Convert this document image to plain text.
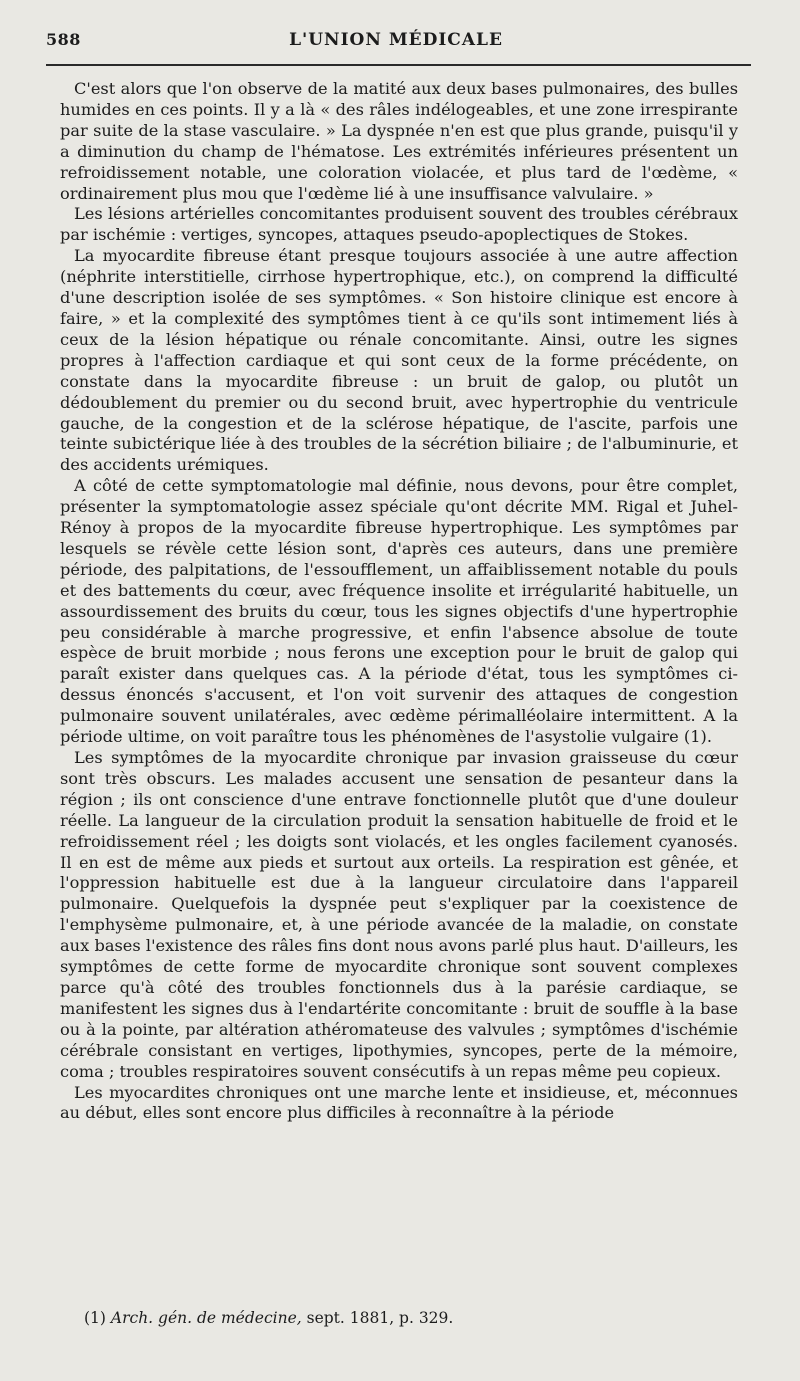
588	L'UNION MÉDICALE

C'est alors que l'on observe de la matité aux deux bases pulmonaires, des bulles humides en ces points. Il y a là « des râles indélogeables, et une zone irrespirante par suite de la stase vasculaire. » La dyspnée n'en est que plus grande, puisqu'il y a diminution du champ de l'hématose. Les extrémités inférieures présentent un refroidissement notable, une coloration violacée, et plus tard de l'œdème, « ordinairement plus mou que l'œdème lié à une insuffisance valvulaire. »

Les lésions artérielles concomitantes produisent souvent des troubles cérébraux par ischémie : vertiges, syncopes, attaques pseudo-apoplectiques de Stokes.

La myocardite fibreuse étant presque toujours associée à une autre affection (néphrite interstitielle, cirrhose hypertrophique, etc.), on comprend la difficulté d'une description isolée de ses symptômes. « Son histoire clinique est encore à faire, » et la complexité des symptômes tient à ce qu'ils sont intimement liés à ceux de la lésion hépatique ou rénale concomitante. Ainsi, outre les signes propres à l'affection cardiaque et qui sont ceux de la forme précédente, on constate dans la myocardite fibreuse : un bruit de galop, ou plutôt un dédoublement du premier ou du second bruit, avec hypertrophie du ventricule gauche, de la congestion et de la sclérose hépatique, de l'ascite, parfois une teinte subictérique liée à des troubles de la sécrétion biliaire ; de l'albuminurie, et des accidents urémiques.

A côté de cette symptomatologie mal définie, nous devons, pour être complet, présenter la symptomatologie assez spéciale qu'ont décrite MM. Rigal et Juhel-Rénoy à propos de la myocardite fibreuse hypertrophique. Les symptômes par lesquels se révèle cette lésion sont, d'après ces auteurs, dans une première période, des palpitations, de l'essoufflement, un affaiblissement notable du pouls et des battements du cœur, avec fréquence insolite et irrégularité habituelle, un assourdissement des bruits du cœur, tous les signes objectifs d'une hypertrophie peu considérable à marche progressive, et enfin l'absence absolue de toute espèce de bruit morbide ; nous ferons une exception pour le bruit de galop qui paraît exister dans quelques cas. A la période d'état, tous les symptômes ci-dessus énoncés s'accusent, et l'on voit survenir des attaques de congestion pulmonaire souvent unilatérales, avec œdème périmalléolaire intermittent. A la période ultime, on voit paraître tous les phénomènes de l'asystolie vulgaire (1).

Les symptômes de la myocardite chronique par invasion graisseuse du cœur sont très obscurs. Les malades accusent une sensation de pesanteur dans la région ; ils ont conscience d'une entrave fonctionnelle plutôt que d'une douleur réelle. La langueur de la circulation produit la sensation habituelle de froid et le refroidissement réel ; les doigts sont violacés, et les ongles facilement cyanosés. Il en est de même aux pieds et surtout aux orteils. La respiration est gênée, et l'oppression habituelle est due à la langueur circulatoire dans l'appareil pulmonaire. Quelquefois la dyspnée peut s'expliquer par la coexistence de l'emphysème pulmonaire, et, à une période avancée de la maladie, on constate aux bases l'existence des râles fins dont nous avons parlé plus haut. D'ailleurs, les symptômes de cette forme de myocardite chronique sont souvent complexes parce qu'à côté des troubles fonctionnels dus à la parésie cardiaque, se manifestent les signes dus à l'endartérite concomitante : bruit de souffle à la base ou à la pointe, par altération athéromateuse des valvules ; symptômes d'ischémie cérébrale consistant en vertiges, lipothymies, syncopes, perte de la mémoire, coma ; troubles respiratoires souvent consécutifs à un repas même peu copieux.

Les myocardites chroniques ont une marche lente et insidieuse, et, méconnues au début, elles sont encore plus difficiles à reconnaître à la période

(1) Arch. gén. de médecine, sept. 1881, p. 329.
